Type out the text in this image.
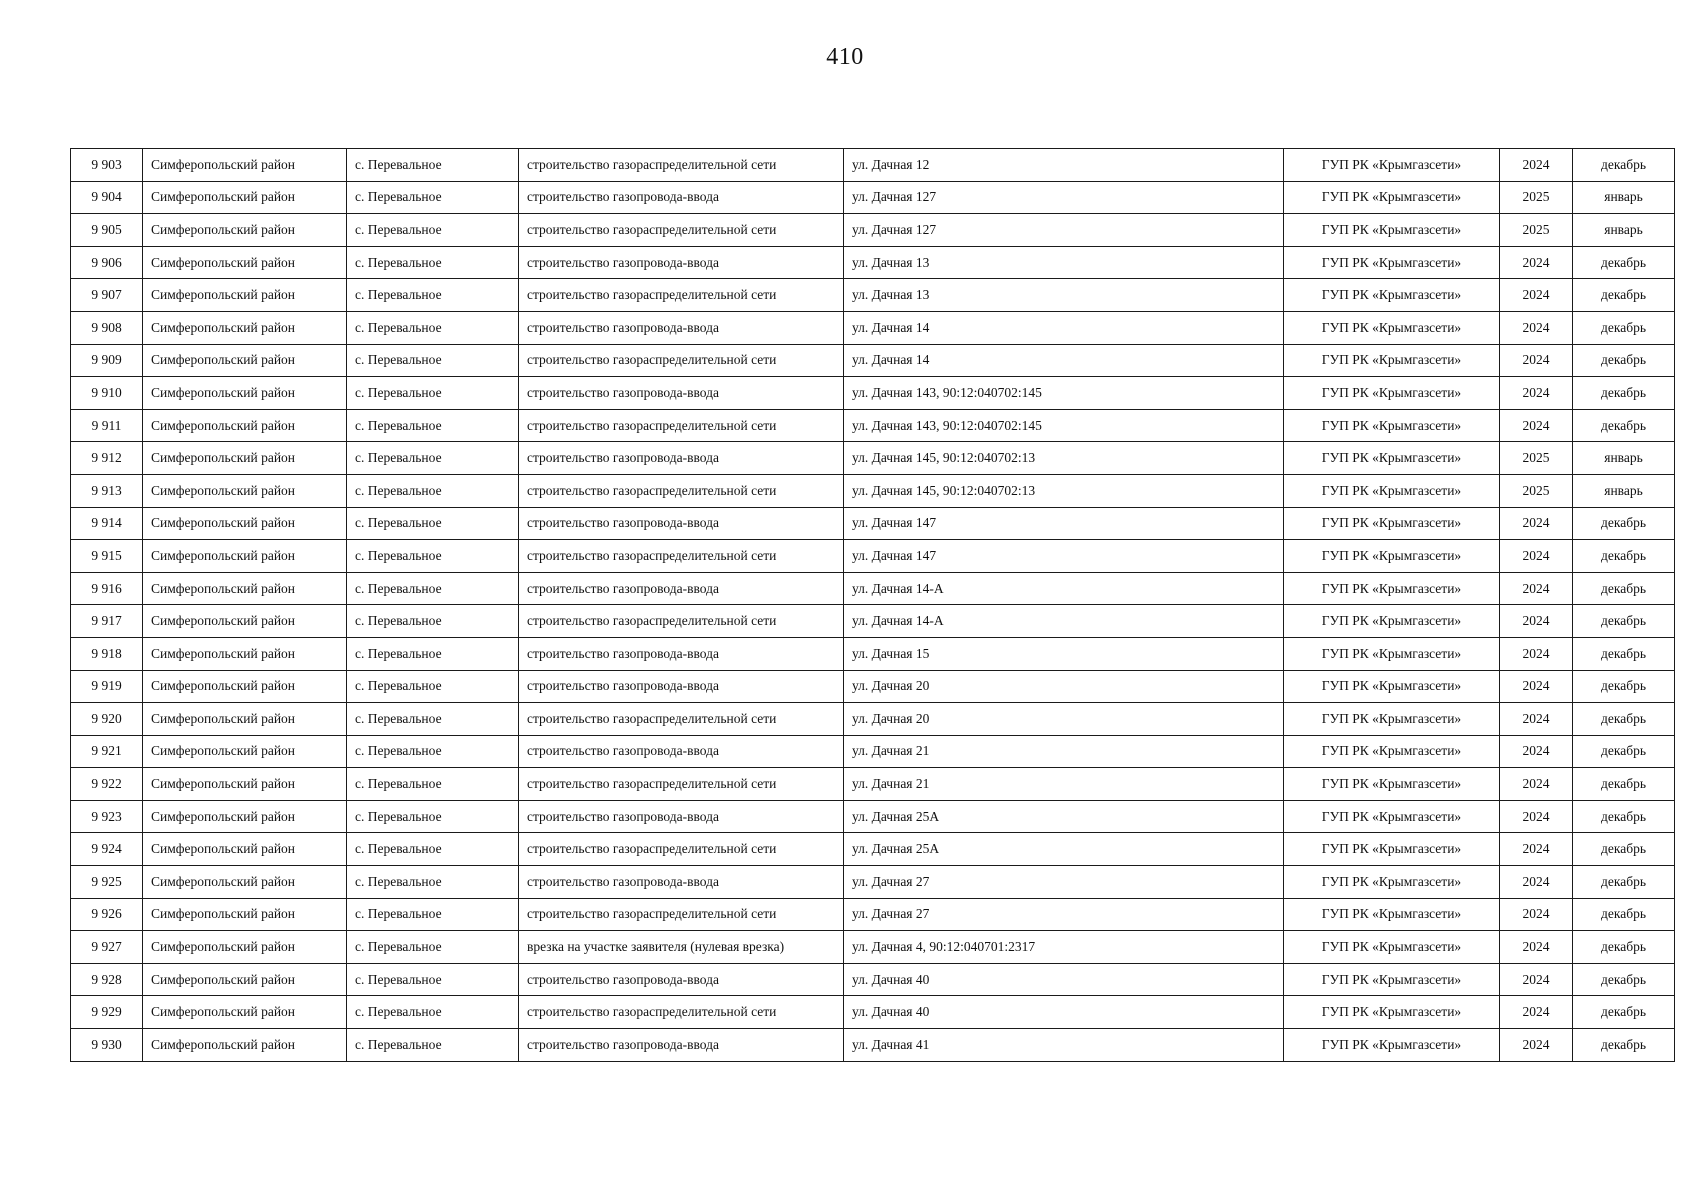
410
9 903	Симферопольский район	с. Перевальное	строительство газораспределительной сети	ул. Дачная 12	ГУП РК «Крымгазсети»	2024	декабрь
9 904	Симферопольский район	с. Перевальное	строительство газопровода-ввода	ул. Дачная 127	ГУП РК «Крымгазсети»	2025	январь
9 905	Симферопольский район	с. Перевальное	строительство газораспределительной сети	ул. Дачная 127	ГУП РК «Крымгазсети»	2025	январь
9 906	Симферопольский район	с. Перевальное	строительство газопровода-ввода	ул. Дачная 13	ГУП РК «Крымгазсети»	2024	декабрь
9 907	Симферопольский район	с. Перевальное	строительство газораспределительной сети	ул. Дачная 13	ГУП РК «Крымгазсети»	2024	декабрь
9 908	Симферопольский район	с. Перевальное	строительство газопровода-ввода	ул. Дачная 14	ГУП РК «Крымгазсети»	2024	декабрь
9 909	Симферопольский район	с. Перевальное	строительство газораспределительной сети	ул. Дачная 14	ГУП РК «Крымгазсети»	2024	декабрь
9 910	Симферопольский район	с. Перевальное	строительство газопровода-ввода	ул. Дачная 143, 90:12:040702:145	ГУП РК «Крымгазсети»	2024	декабрь
9 911	Симферопольский район	с. Перевальное	строительство газораспределительной сети	ул. Дачная 143, 90:12:040702:145	ГУП РК «Крымгазсети»	2024	декабрь
9 912	Симферопольский район	с. Перевальное	строительство газопровода-ввода	ул. Дачная 145, 90:12:040702:13	ГУП РК «Крымгазсети»	2025	январь
9 913	Симферопольский район	с. Перевальное	строительство газораспределительной сети	ул. Дачная 145, 90:12:040702:13	ГУП РК «Крымгазсети»	2025	январь
9 914	Симферопольский район	с. Перевальное	строительство газопровода-ввода	ул. Дачная 147	ГУП РК «Крымгазсети»	2024	декабрь
9 915	Симферопольский район	с. Перевальное	строительство газораспределительной сети	ул. Дачная 147	ГУП РК «Крымгазсети»	2024	декабрь
9 916	Симферопольский район	с. Перевальное	строительство газопровода-ввода	ул. Дачная 14-А	ГУП РК «Крымгазсети»	2024	декабрь
9 917	Симферопольский район	с. Перевальное	строительство газораспределительной сети	ул. Дачная 14-А	ГУП РК «Крымгазсети»	2024	декабрь
9 918	Симферопольский район	с. Перевальное	строительство газопровода-ввода	ул. Дачная 15	ГУП РК «Крымгазсети»	2024	декабрь
9 919	Симферопольский район	с. Перевальное	строительство газопровода-ввода	ул. Дачная 20	ГУП РК «Крымгазсети»	2024	декабрь
9 920	Симферопольский район	с. Перевальное	строительство газораспределительной сети	ул. Дачная 20	ГУП РК «Крымгазсети»	2024	декабрь
9 921	Симферопольский район	с. Перевальное	строительство газопровода-ввода	ул. Дачная 21	ГУП РК «Крымгазсети»	2024	декабрь
9 922	Симферопольский район	с. Перевальное	строительство газораспределительной сети	ул. Дачная 21	ГУП РК «Крымгазсети»	2024	декабрь
9 923	Симферопольский район	с. Перевальное	строительство газопровода-ввода	ул. Дачная 25А	ГУП РК «Крымгазсети»	2024	декабрь
9 924	Симферопольский район	с. Перевальное	строительство газораспределительной сети	ул. Дачная 25А	ГУП РК «Крымгазсети»	2024	декабрь
9 925	Симферопольский район	с. Перевальное	строительство газопровода-ввода	ул. Дачная 27	ГУП РК «Крымгазсети»	2024	декабрь
9 926	Симферопольский район	с. Перевальное	строительство газораспределительной сети	ул. Дачная 27	ГУП РК «Крымгазсети»	2024	декабрь
9 927	Симферопольский район	с. Перевальное	врезка на участке заявителя (нулевая врезка)	ул. Дачная 4, 90:12:040701:2317	ГУП РК «Крымгазсети»	2024	декабрь
9 928	Симферопольский район	с. Перевальное	строительство газопровода-ввода	ул. Дачная 40	ГУП РК «Крымгазсети»	2024	декабрь
9 929	Симферопольский район	с. Перевальное	строительство газораспределительной сети	ул. Дачная 40	ГУП РК «Крымгазсети»	2024	декабрь
9 930	Симферопольский район	с. Перевальное	строительство газопровода-ввода	ул. Дачная 41	ГУП РК «Крымгазсети»	2024	декабрь
